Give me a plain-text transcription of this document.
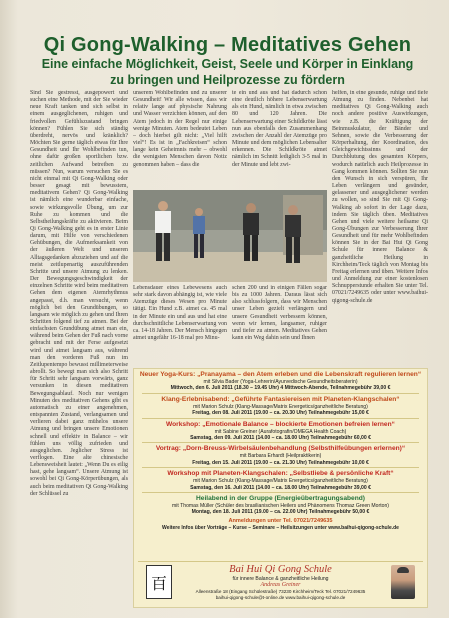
Qi Gong-Walking – Meditatives Gehen
Eine einfache Möglichkeit, Geist, Seele und Körper in Einklang
zu bringen und Heilprozesse zu fördern

Sind Sie gestresst, ausgepowert und suchen eine Methode, mit der Sie wieder neue Kraft tanken und sich selbst in einem ausgeglichenen, ruhigen und friedvollen Gefühlszustand bringen können? Fühlen Sie sich ständig überdreht, nervös und kränklich? Möchten Sie gerne täglich etwas für Ihre Gesundheit und Ihr Wohlbefinden tun, ohne dafür großen sportlichen bzw. zeitlichen Aufwand betreiben zu müssen? Nun, warum versuchen Sie es nicht einmal mit Qi Gong-Walking oder besser gesagt mit bewusstem, meditativem Gehen? Qi Gong-Walking ist nämlich eine wunderbar einfache, sowie wirkungsvolle Übung, um zur Ruhe zu kommen und die Selbstheilungskräfte zu aktivieren. Beim Qi Gong-Walking geht es in erster Linie darum, mit Hilfe von verschiedenen Gehübungen, die Aufmerksamkeit von der äußeren Welt und unseren Alltagsgedanken abzuziehen und auf die meist zeitlupenartig auszuführenden Schritte und unsere Atmung zu lenken. Der Bewegungsgeschwindigkeit der einzelnen Schritte wird beim meditativen Gehen dem eigenen Atemrhythmus angepasst, d.h. man versucht, wenn möglich bei den Grundübungen, so langsam wie möglich zu gehen und Ihren Schritten folgend tief zu atmen. Bei der einfachsten Grundübung atmet man ein, während beim Gehen der Fuß nach vorne gebracht und mit der Ferse aufgesetzt wird und atmet langsam aus, während man den vorderen Fuß nun im Zeitlupentempo bewusst millimeterweise abrollt. So bewegt man sich also Schritt für Schritt sehr langsam vorwärts, ganz versunken in diesen meditativen Bewegungsablauf. Noch nur wenigen Minuten des meditativen Gehens gibt es automatisch zu einer angenehmen, entspannten Zustand, verlangsamen und verlieren dabei ganz mühelos unsere Atmung und bringen unsere Emotionen schnell und effektiv in Balance – wir fühlen uns völlig zufrieden und ausgeglichen. Jeglicher Stress ist verflogen. Eine alte chinesische Lebensweisheit lautet: „Wenn Du es eilig hast, gehe langsam“. Unsere Atmung ist sowohl bei Qi Gong-Körperübungen, als auch beim meditativen Qi Gong-Walking der Schlüssel zu

unserem Wohlbefinden und zu unserer Gesundheit! Wir alle wissen, dass wir relativ lange auf physische Nahrung und Wasser verzichten können, auf den Atem jedoch in der Regel nur einige wenige Minuten. Atem bedeutet Leben – doch hierbei gilt nicht: „Viel hilft viel“! Es ist in „Fachkreisen“ schon lange kein Geheimnis mehr – obwohl die wenigsten Menschen davon Notiz genommen haben – dass die

te ein und aus und hat dadurch schon eine deutlich höhere Lebenserwartung als ein Hund, nämlich in etwa zwischen 80 und 120 Jahren. Die Lebenserwartung einer Schildkröte lässt nun aus ebenfalls den Zusammenhang zwischen der Anzahl der Atemzüge pro Minute und dem möglichen Lebensalter erkennen. Die Schildkröte atmet nämlich im Schnitt lediglich 3-5 mal in der Minute und lebt zwi-

Lebensdauer eines Lebewesens auch sehr stark davon abhängig ist, wie viele Atemzüge dieses Wesen pro Minute tätigt. Ein Hund z.B. atmet ca. 45 mal in der Minute ein und aus und hat eine durchschnittliche Lebenserwartung von ca. 14-18 Jahren. Der Mensch hingegen atmet ungefähr 16-18 mal pro Minu-

schen 200 und in einigen Fällen sogar bis zu 1000 Jahren. Daraus lässt sich also schlussfolgern, dass wir Menschen unser Leben gezielt verlängern und unsere Gesundheit verbessern können, wenn wir lernen, langsamer, ruhiger und tiefer zu atmen. Meditatives Gehen kann ein Weg dahin sein und Ihnen

helfen, in eine gesunde, ruhige und tiefe Atmung zu finden. Nebenbei hat meditatives Qi Gong-Walking auch noch andere positive Auswirkungen, wie z.B. die Kräftigung der Beinmuskulatur, der Bänder und Sehnen, sowie die Verbesserung der Körperhaltung, der Koordination, des Gleichgewichtssinns und der Durchblutung des gesamten Körpers, wodurch natürlich auch Heilprozesse in Gang kommen können. Sollten Sie nun den Wunsch in sich verspüren, Ihr Leben verlängern und gesünder, gelassener und ausgeglichener werden zu wollen, so sind Sie mit Qi Gong-Walking ab sofort in der Lage dazu, indem Sie täglich üben. Meditatives Gehen und viele weitere heilsame Qi Gong-Übungen zur Verbesserung Ihrer Gesundheit und für mehr Wohlbefinden können Sie in der Bai Hui Qi Gong Schule für innere Balance & ganzheitliche Heilung in Kirchheim/Teck täglich von Montag bis Freitag erlernen und üben. Weitere Infos und Anmeldung zur einer kostenlosen Schnupperstunde erhalten Sie unter Tel. 07021/7249635 oder unter www.baihui-qigong-schule.de

Neuer Yoga-Kurs: „Pranayama – den Atem erleben und die Lebenskraft regulieren lernen“
mit Silvia Bader (Yoga-Lehrerin/Ayurvedische Gesundheitsberaterin)
Mittwoch, den 6. Juli 2011 (18.30 – 19.45 Uhr) 4 Mittwoch-Abende, Teilnahmegebühr 39,00 €
Klang-Erlebnisabend: „Geführte Fantasiereisen mit Planeten-Klangschalen“
mit Marion Schulz (Klang-Massage/Matrix Energetics/ganzheitliche Beratung)
Freitag, den 08. Juli 2011 (19.00 – ca. 20.30 Uhr) Teilnahmegebühr 15,00 €
Workshop: „Emotionale Balance – blockierte Emotionen befreien lernen“
mit Sabine Greiner (Aurafotografin/OMEGA Health Coach)
Samstag, den 09. Juli 2011 (14.00 – ca. 18.00 Uhr) Teilnahmegebühr 60,00 €
Vortrag: „Dorn-Breuss-Wirbelsäulenbehandlung (Selbsthilfeübungen erlernen)“
mit Barbara Erhardt (Heilpraktikerin)
Freitag, den 15. Juli 2011 (19.00 – ca. 21.30 Uhr) Teilnahmegebühr 10,00 €
Workshop mit Planeten-Klangschalen: „Selbstliebe & persönliche Kraft“
mit Marion Schulz (Klang-Massage/Matrix Energetics/ganzheitliche Beratung)
Samstag, den 16. Juli 2011 (14.00 – ca. 18.00 Uhr) Teilnahmegebühr 39,00 €
Heilabend in der Gruppe (Energieübertragungsabend)
mit Thomas Müller (Schüler des brasilianischen Heilers und Phänomens Thomaz Green Morton)
Montag, den 18. Juli 2011 (19.00 – ca. 22.00 Uhr) Teilnahmegebühr 50,00 €
Anmeldungen unter Tel. 07021/7249635
Weitere Infos über Vorträge – Kurse – Seminare – Heilsitzungen unter www.baihui-qigong-schule.de
百
Bai Hui Qi Gong Schule
für innere Balance & ganzheitliche Heilung
Andreas Greiner
Alleenstraße 18 (Eingang Schülestraße) 73230 Kirchheim/Teck Tel. 07021/7249635
baihui-qigong-schule@t-online.de www.baihui-qigong-schule.de
